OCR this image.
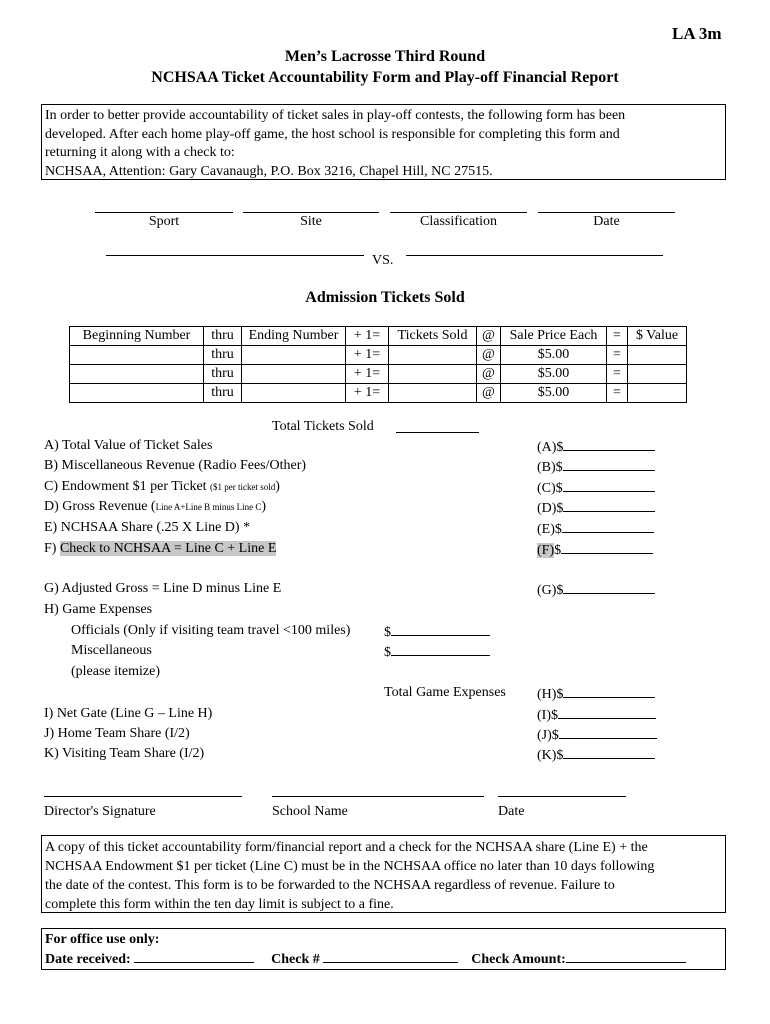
LA 3m
Men’s Lacrosse Third Round
NCHSAA Ticket Accountability Form and Play-off Financial Report
In order to better provide accountability of ticket sales in play-off contests, the following form has been
developed. After each home play-off game, the host school is responsible for completing this form and
returning it along with a check to:
NCHSAA, Attention: Gary Cavanaugh, P.O. Box 3216, Chapel Hill, NC 27515.
Sport	Site	Classification	Date
VS.
Admission Tickets Sold
Beginning Number	thru	Ending Number	+ 1=	Tickets Sold	@	Sale Price Each	=	$ Value
	thru		+ 1=		@	$5.00	=	
	thru		+ 1=		@	$5.00	=	
	thru		+ 1=		@	$5.00	=	
Total Tickets Sold
A) Total Value of Ticket Sales	(A)$
B) Miscellaneous Revenue (Radio Fees/Other)	(B)$
C) Endowment $1 per Ticket ($1 per ticket sold)	(C)$
D) Gross Revenue (Line A+Line B minus Line C)	(D)$
E) NCHSAA Share (.25 X Line D) *	(E)$
F) Check to NCHSAA = Line C + Line E	(F)$
G) Adjusted Gross = Line D minus Line E	(G)$
H) Game Expenses
Officials (Only if visiting team travel <100 miles) $
Miscellaneous	$
(please itemize)
Total Game Expenses (H)$
I) Net Gate (Line G – Line H)	(I)$
J) Home Team Share (I/2)	(J)$
K) Visiting Team Share (I/2)	(K)$
Director's Signature	School Name	Date
A copy of this ticket accountability form/financial report and a check for the NCHSAA share (Line E) + the
NCHSAA Endowment $1 per ticket (Line C) must be in the NCHSAA office no later than 10 days following
the date of the contest. This form is to be forwarded to the NCHSAA regardless of revenue. Failure to
complete this form within the ten day limit is subject to a fine.
For office use only:
Date received:	Check #	Check Amount:
